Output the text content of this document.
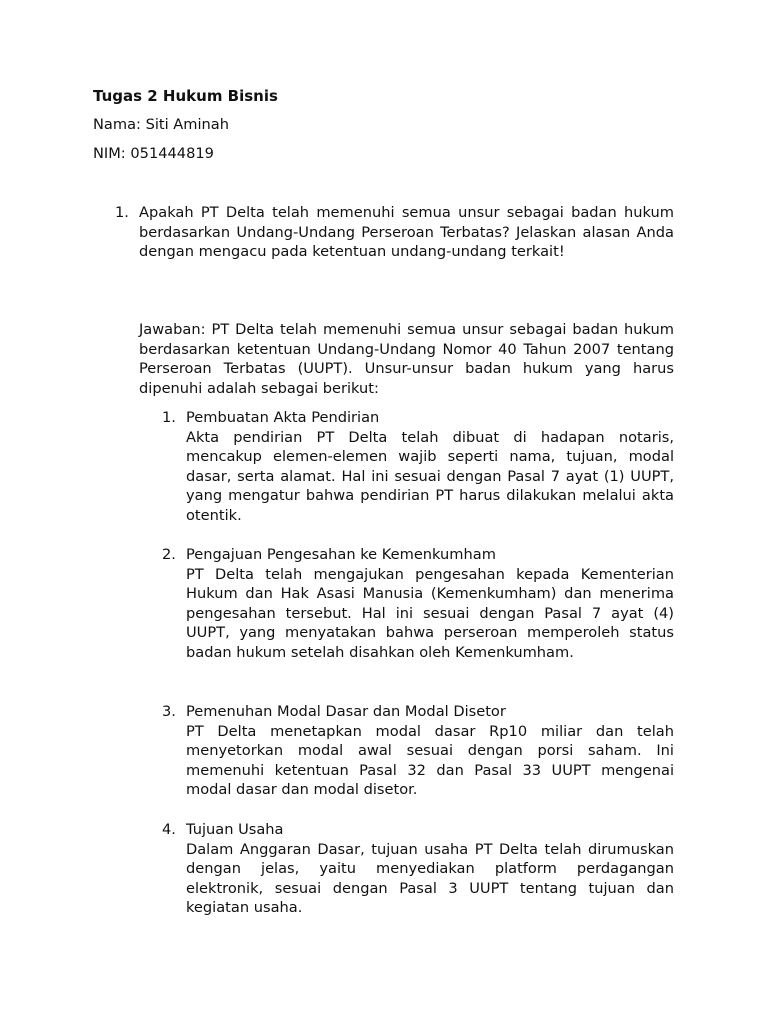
Tugas 2 Hukum Bisnis
Nama: Siti Aminah
NIM: 051444819
1. Apakah PT Delta telah memenuhi semua unsur sebagai badan hukum berdasarkan Undang-Undang Perseroan Terbatas? Jelaskan alasan Anda dengan mengacu pada ketentuan undang-undang terkait!
Jawaban: PT Delta telah memenuhi semua unsur sebagai badan hukum berdasarkan ketentuan Undang-Undang Nomor 40 Tahun 2007 tentang Perseroan Terbatas (UUPT). Unsur-unsur badan hukum yang harus dipenuhi adalah sebagai berikut:
1. Pembuatan Akta Pendirian
Akta pendirian PT Delta telah dibuat di hadapan notaris, mencakup elemen-elemen wajib seperti nama, tujuan, modal dasar, serta alamat. Hal ini sesuai dengan Pasal 7 ayat (1) UUPT, yang mengatur bahwa pendirian PT harus dilakukan melalui akta otentik.
2. Pengajuan Pengesahan ke Kemenkumham
PT Delta telah mengajukan pengesahan kepada Kementerian Hukum dan Hak Asasi Manusia (Kemenkumham) dan menerima pengesahan tersebut. Hal ini sesuai dengan Pasal 7 ayat (4) UUPT, yang menyatakan bahwa perseroan memperoleh status badan hukum setelah disahkan oleh Kemenkumham.
3. Pemenuhan Modal Dasar dan Modal Disetor
PT Delta menetapkan modal dasar Rp10 miliar dan telah menyetorkan modal awal sesuai dengan porsi saham. Ini memenuhi ketentuan Pasal 32 dan Pasal 33 UUPT mengenai modal dasar dan modal disetor.
4. Tujuan Usaha
Dalam Anggaran Dasar, tujuan usaha PT Delta telah dirumuskan dengan jelas, yaitu menyediakan platform perdagangan elektronik, sesuai dengan Pasal 3 UUPT tentang tujuan dan kegiatan usaha.
